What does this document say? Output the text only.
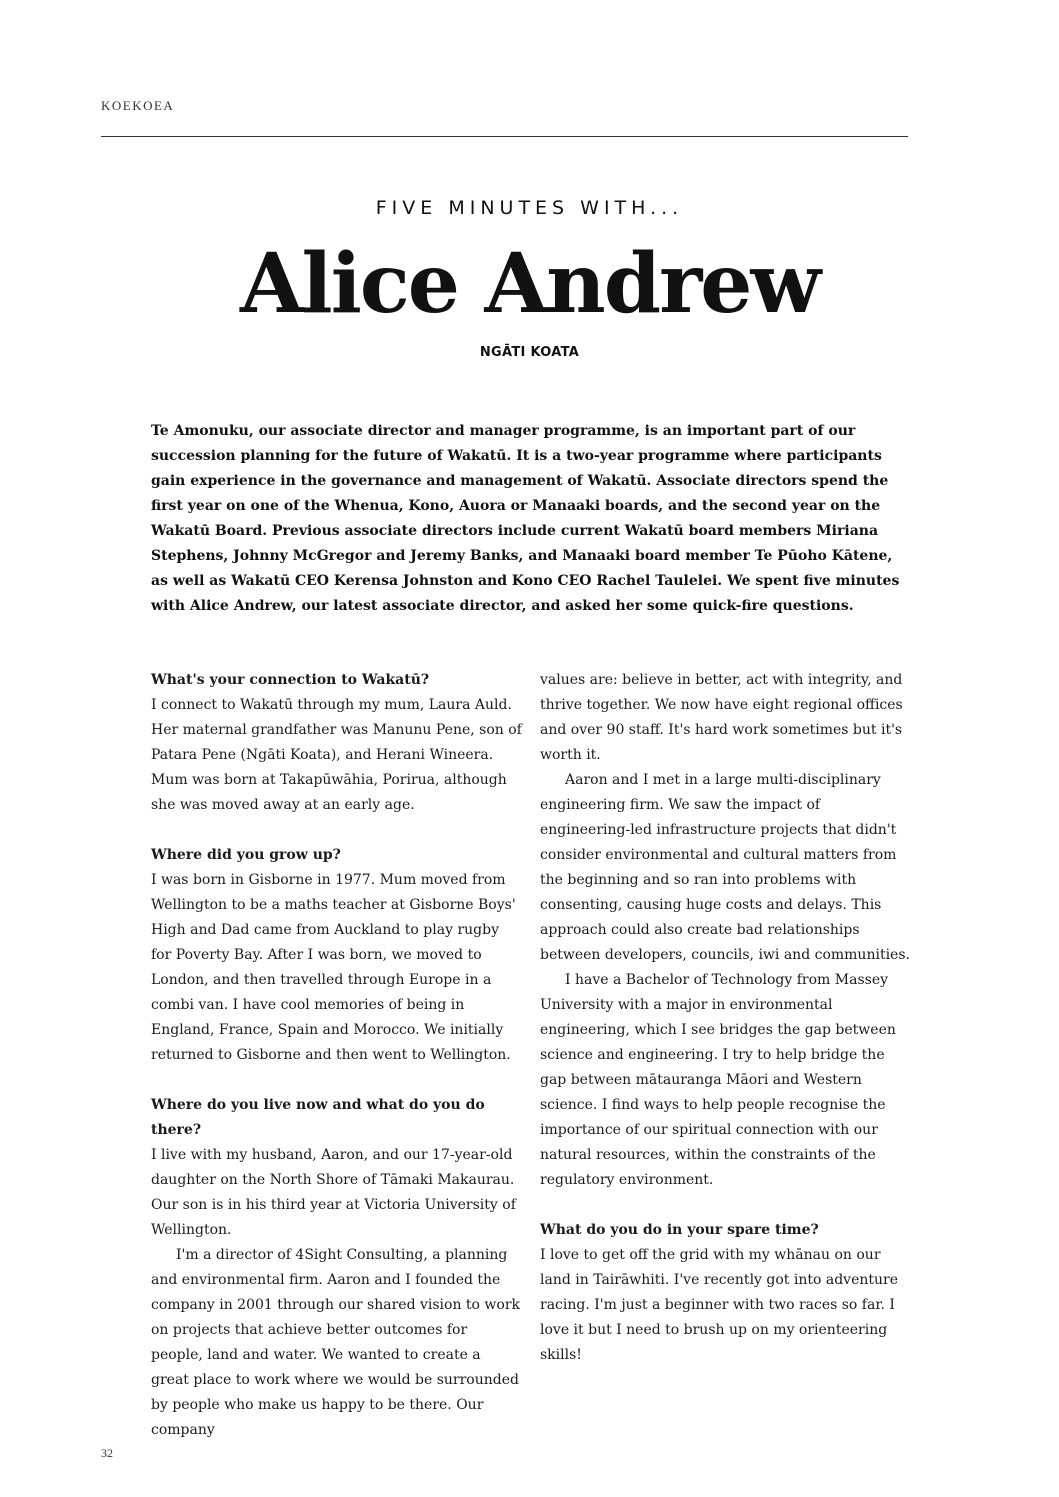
KOEKOEA
FIVE MINUTES WITH...
Alice Andrew
NGĀTI KOATA
Te Amonuku, our associate director and manager programme, is an important part of our succession planning for the future of Wakatū. It is a two-year programme where participants gain experience in the governance and management of Wakatū. Associate directors spend the first year on one of the Whenua, Kono, Auora or Manaaki boards, and the second year on the Wakatū Board. Previous associate directors include current Wakatū board members Miriana Stephens, Johnny McGregor and Jeremy Banks, and Manaaki board member Te Pūoho Kātene, as well as Wakatū CEO Kerensa Johnston and Kono CEO Rachel Taulelei. We spent five minutes with Alice Andrew, our latest associate director, and asked her some quick-fire questions.
What's your connection to Wakatū?
I connect to Wakatū through my mum, Laura Auld. Her maternal grandfather was Manunu Pene, son of Patara Pene (Ngāti Koata), and Herani Wineera. Mum was born at Takapūwāhia, Porirua, although she was moved away at an early age.
Where did you grow up?
I was born in Gisborne in 1977. Mum moved from Wellington to be a maths teacher at Gisborne Boys' High and Dad came from Auckland to play rugby for Poverty Bay. After I was born, we moved to London, and then travelled through Europe in a combi van. I have cool memories of being in England, France, Spain and Morocco. We initially returned to Gisborne and then went to Wellington.
Where do you live now and what do you do there?
I live with my husband, Aaron, and our 17-year-old daughter on the North Shore of Tāmaki Makaurau. Our son is in his third year at Victoria University of Wellington.
I'm a director of 4Sight Consulting, a planning and environmental firm. Aaron and I founded the company in 2001 through our shared vision to work on projects that achieve better outcomes for people, land and water. We wanted to create a great place to work where we would be surrounded by people who make us happy to be there. Our company
values are: believe in better, act with integrity, and thrive together. We now have eight regional offices and over 90 staff. It's hard work sometimes but it's worth it.
Aaron and I met in a large multi-disciplinary engineering firm. We saw the impact of engineering-led infrastructure projects that didn't consider environmental and cultural matters from the beginning and so ran into problems with consenting, causing huge costs and delays. This approach could also create bad relationships between developers, councils, iwi and communities.
I have a Bachelor of Technology from Massey University with a major in environmental engineering, which I see bridges the gap between science and engineering. I try to help bridge the gap between mātauranga Māori and Western science. I find ways to help people recognise the importance of our spiritual connection with our natural resources, within the constraints of the regulatory environment.
What do you do in your spare time?
I love to get off the grid with my whānau on our land in Tairāwhiti. I've recently got into adventure racing. I'm just a beginner with two races so far. I love it but I need to brush up on my orienteering skills!
32
